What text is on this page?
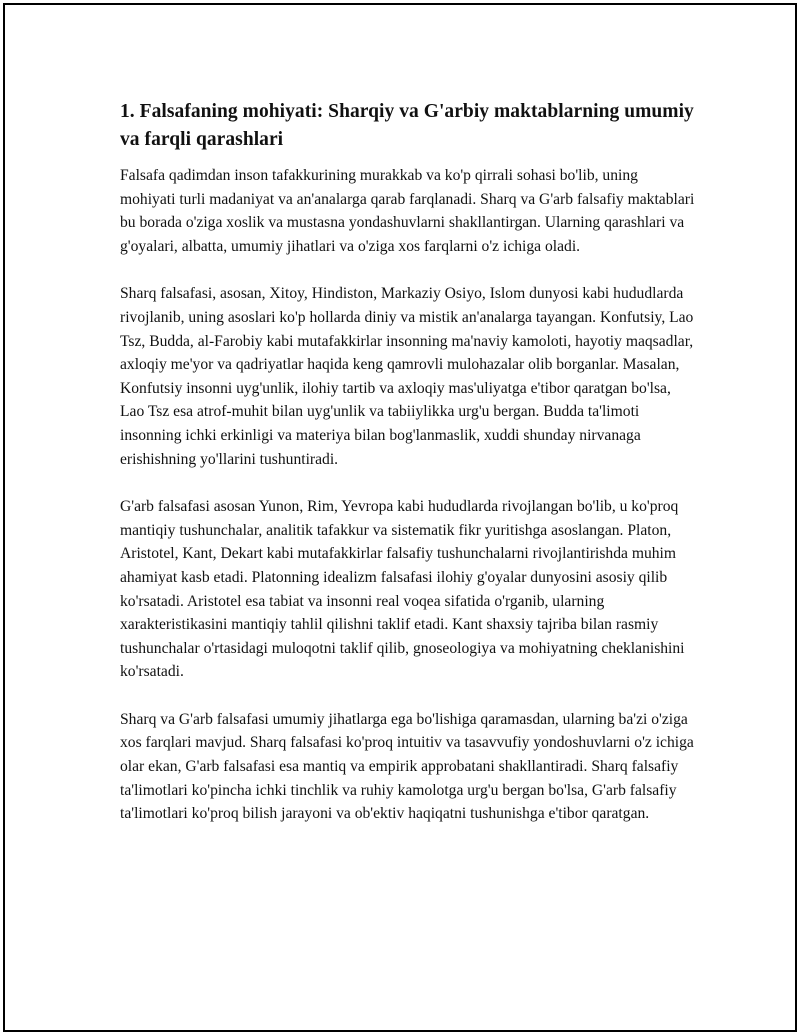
1. Falsafaning mohiyati: Sharqiy va G'arbiy maktablarning umumiy va farqli qarashlari

Falsafa qadimdan inson tafakkurining murakkab va ko'p qirrali sohasi bo'lib, uning mohiyati turli madaniyat va an'analarga qarab farqlanadi. Sharq va G'arb falsafiy maktablari bu borada o'ziga xoslik va mustasna yondashuvlarni shakllantirgan. Ularning qarashlari va g'oyalari, albatta, umumiy jihatlari va o'ziga xos farqlarni o'z ichiga oladi.

Sharq falsafasi, asosan, Xitoy, Hindiston, Markaziy Osiyo, Islom dunyosi kabi hududlarda rivojlanib, uning asoslari ko'p hollarda diniy va mistik an'analarga tayangan. Konfutsiy, Lao Tsz, Budda, al-Farobiy kabi mutafakkirlar insonning ma'naviy kamoloti, hayotiy maqsadlar, axloqiy me'yor va qadriyatlar haqida keng qamrovli mulohazalar olib borganlar. Masalan, Konfutsiy insonni uyg'unlik, ilohiy tartib va axloqiy mas'uliyatga e'tibor qaratgan bo'lsa, Lao Tsz esa atrof-muhit bilan uyg'unlik va tabiiylikka urg'u bergan. Budda ta'limoti insonning ichki erkinligi va materiya bilan bog'lanmaslik, xuddi shunday nirvanaga erishishning yo'llarini tushuntiradi.

G'arb falsafasi asosan Yunon, Rim, Yevropa kabi hududlarda rivojlangan bo'lib, u ko'proq mantiqiy tushunchalar, analitik tafakkur va sistematik fikr yuritishga asoslangan. Platon, Aristotel, Kant, Dekart kabi mutafakkirlar falsafiy tushunchalarni rivojlantirishda muhim ahamiyat kasb etadi. Platonning idealizm falsafasi ilohiy g'oyalar dunyosini asosiy qilib ko'rsatadi. Aristotel esa tabiat va insonni real voqea sifatida o'rganib, ularning xarakteristikasini mantiqiy tahlil qilishni taklif etadi. Kant shaxsiy tajriba bilan rasmiy tushunchalar o'rtasidagi muloqotni taklif qilib, gnoseologiya va mohiyatning cheklanishini ko'rsatadi.

Sharq va G'arb falsafasi umumiy jihatlarga ega bo'lishiga qaramasdan, ularning ba'zi o'ziga xos farqlari mavjud. Sharq falsafasi ko'proq intuitiv va tasavvufiy yondoshuvlarni o'z ichiga olar ekan, G'arb falsafasi esa mantiq va empirik approbatani shakllantiradi. Sharq falsafiy ta'limotlari ko'pincha ichki tinchlik va ruhiy kamolotga urg'u bergan bo'lsa, G'arb falsafiy ta'limotlari ko'proq bilish jarayoni va ob'ektiv haqiqatni tushunishga e'tibor qaratgan.
